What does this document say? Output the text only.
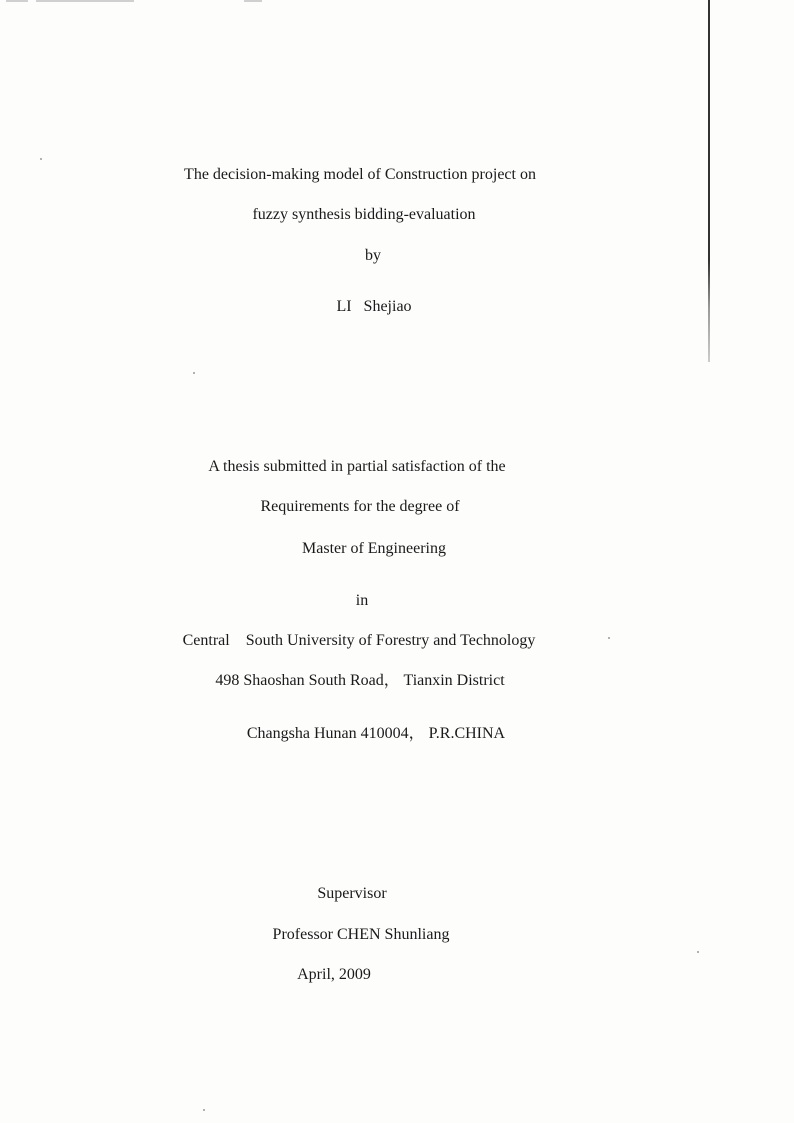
The decision-making model of Construction project on
fuzzy synthesis bidding-evaluation
by
LI   Shejiao
A thesis submitted in partial satisfaction of the
Requirements for the degree of
Master of Engineering
in
Central    South University of Forestry and Technology
498 Shaoshan South Road， Tianxin District
Changsha Hunan 410004， P.R.CHINA
Supervisor
Professor CHEN Shunliang
April, 2009
